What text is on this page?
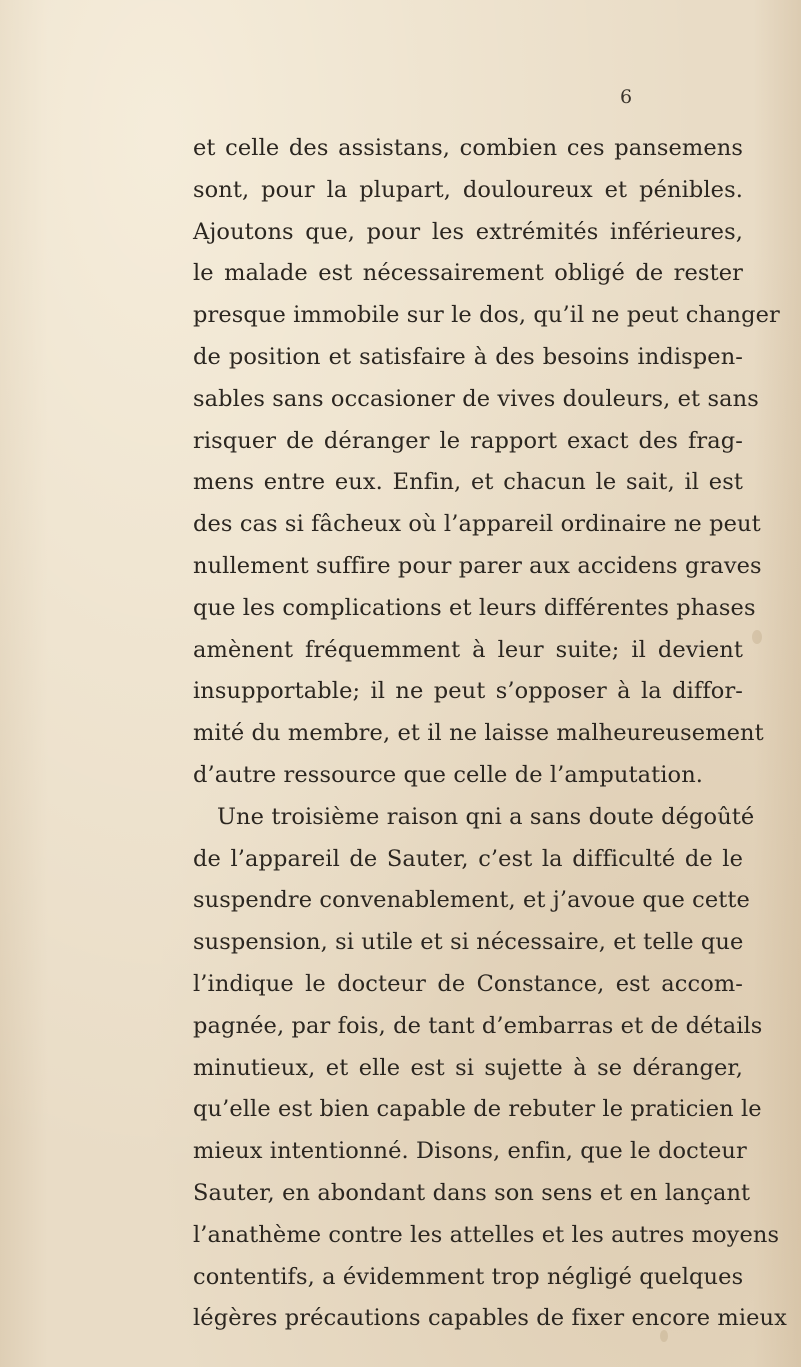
6
et celle des assistans, combien ces pansemens
sont, pour la plupart, douloureux et pénibles.
Ajoutons que, pour les extrémités inférieures,
le malade est nécessairement obligé de rester
presque immobile sur le dos, qu’il ne peut changer
de position et satisfaire à des besoins indispen-
sables sans occasioner de vives douleurs, et sans
risquer de déranger le rapport exact des frag-
mens entre eux. Enfin, et chacun le sait, il est
des cas si fâcheux où l’appareil ordinaire ne peut
nullement suffire pour parer aux accidens graves
que les complications et leurs différentes phases
amènent fréquemment à leur suite; il devient
insupportable; il ne peut s’opposer à la diffor-
mité du membre, et il ne laisse malheureusement
d’autre ressource que celle de l’amputation.
Une troisième raison qni a sans doute dégoûté
de l’appareil de Sauter, c’est la difficulté de le
suspendre convenablement, et j’avoue que cette
suspension, si utile et si nécessaire, et telle que
l’indique le docteur de Constance, est accom-
pagnée, par fois, de tant d’embarras et de détails
minutieux, et elle est si sujette à se déranger,
qu’elle est bien capable de rebuter le praticien le
mieux intentionné. Disons, enfin, que le docteur
Sauter, en abondant dans son sens et en lançant
l’anathème contre les attelles et les autres moyens
contentifs, a évidemment trop négligé quelques
légères précautions capables de fixer encore mieux
